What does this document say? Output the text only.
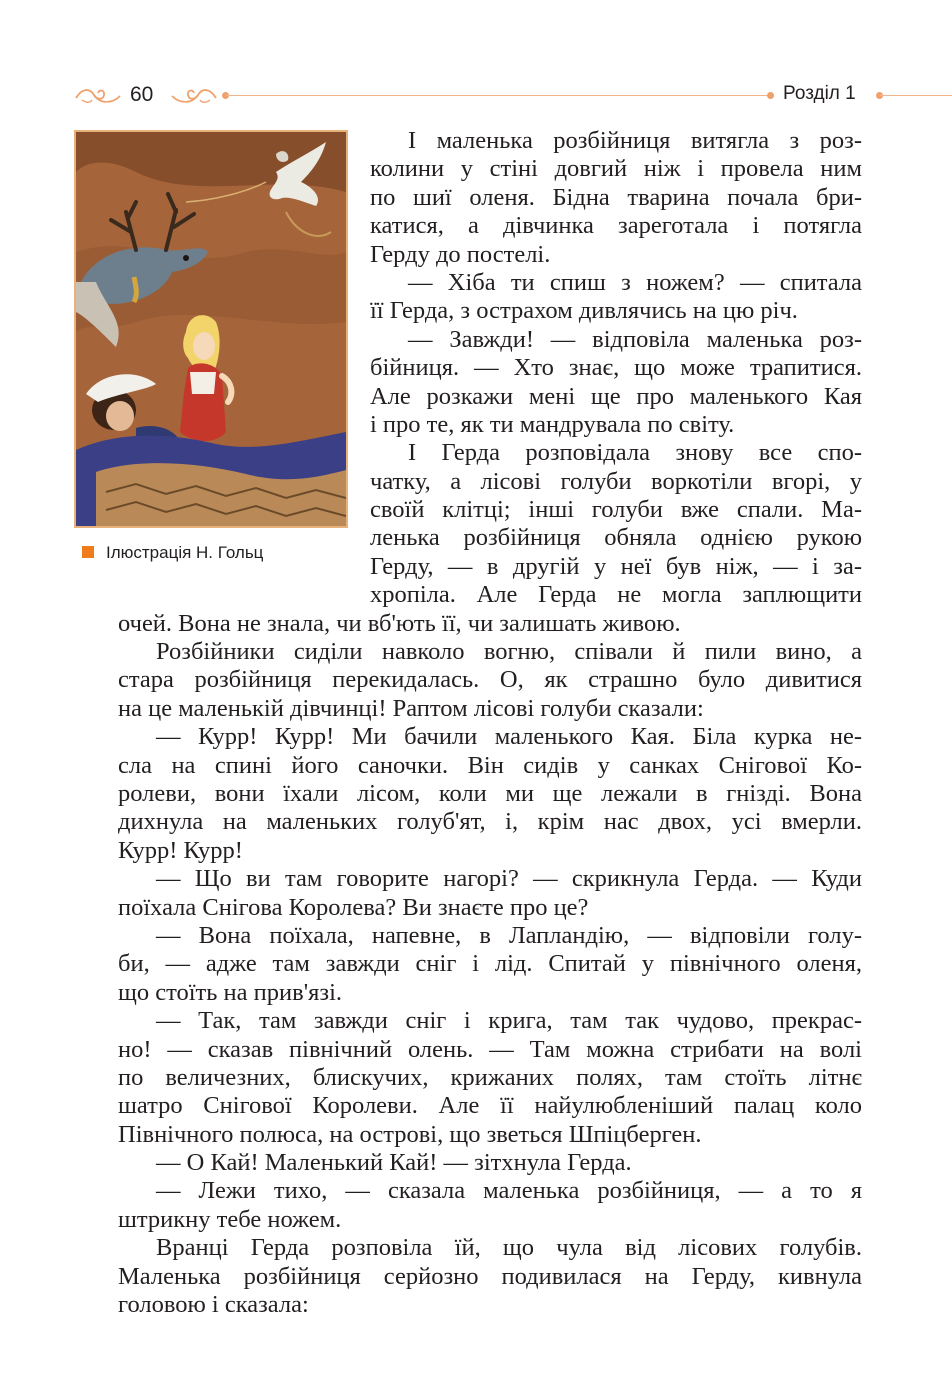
60	Розділ 1
Ілюстрація Н. Гольц
І маленька розбійниця витягла з роз-
колини у стіні довгий ніж і провела ним
по шиї оленя. Бідна тварина почала бри-
катися, а дівчинка зареготала і потягла
Герду до постелі.
— Хіба ти спиш з ножем? — спитала
її Герда, з острахом дивлячись на цю річ.
— Завжди! — відповіла маленька роз-
бійниця. — Хто знає, що може трапитися.
Але розкажи мені ще про маленького Кая
і про те, як ти мандрувала по світу.
І Герда розповідала знову все спо-
чатку, а лісові голуби воркотіли вгорі, у
своїй клітці; інші голуби вже спали. Ма-
ленька розбійниця обняла однією рукою
Герду, — в другій у неї був ніж, — і за-
хропіла. Але Герда не могла заплющити
очей. Вона не знала, чи вб'ють її, чи залишать живою.
Розбійники сиділи навколо вогню, співали й пили вино, а
стара розбійниця перекидалась. О, як страшно було дивитися
на це маленькій дівчинці! Раптом лісові голуби сказали:
— Курр! Курр! Ми бачили маленького Кая. Біла курка не-
сла на спині його саночки. Він сидів у санках Снігової Ко-
ролеви, вони їхали лісом, коли ми ще лежали в гнізді. Вона
дихнула на маленьких голуб'ят, і, крім нас двох, усі вмерли.
Курр! Курр!
— Що ви там говорите нагорі? — скрикнула Герда. — Куди
поїхала Снігова Королева? Ви знаєте про це?
— Вона поїхала, напевне, в Лапландію, — відповіли голу-
би, — адже там завжди сніг і лід. Спитай у північного оленя,
що стоїть на прив'язі.
— Так, там завжди сніг і крига, там так чудово, прекрас-
но! — сказав північний олень. — Там можна стрибати на волі
по величезних, блискучих, крижаних полях, там стоїть літнє
шатро Снігової Королеви. Але її найулюбленіший палац коло
Північного полюса, на острові, що зветься Шпіцберген.
— О Кай! Маленький Кай! — зітхнула Герда.
— Лежи тихо, — сказала маленька розбійниця, — а то я
штрикну тебе ножем.
Вранці Герда розповіла їй, що чула від лісових голубів.
Маленька розбійниця серйозно подивилася на Герду, кивнула
головою і сказала:
